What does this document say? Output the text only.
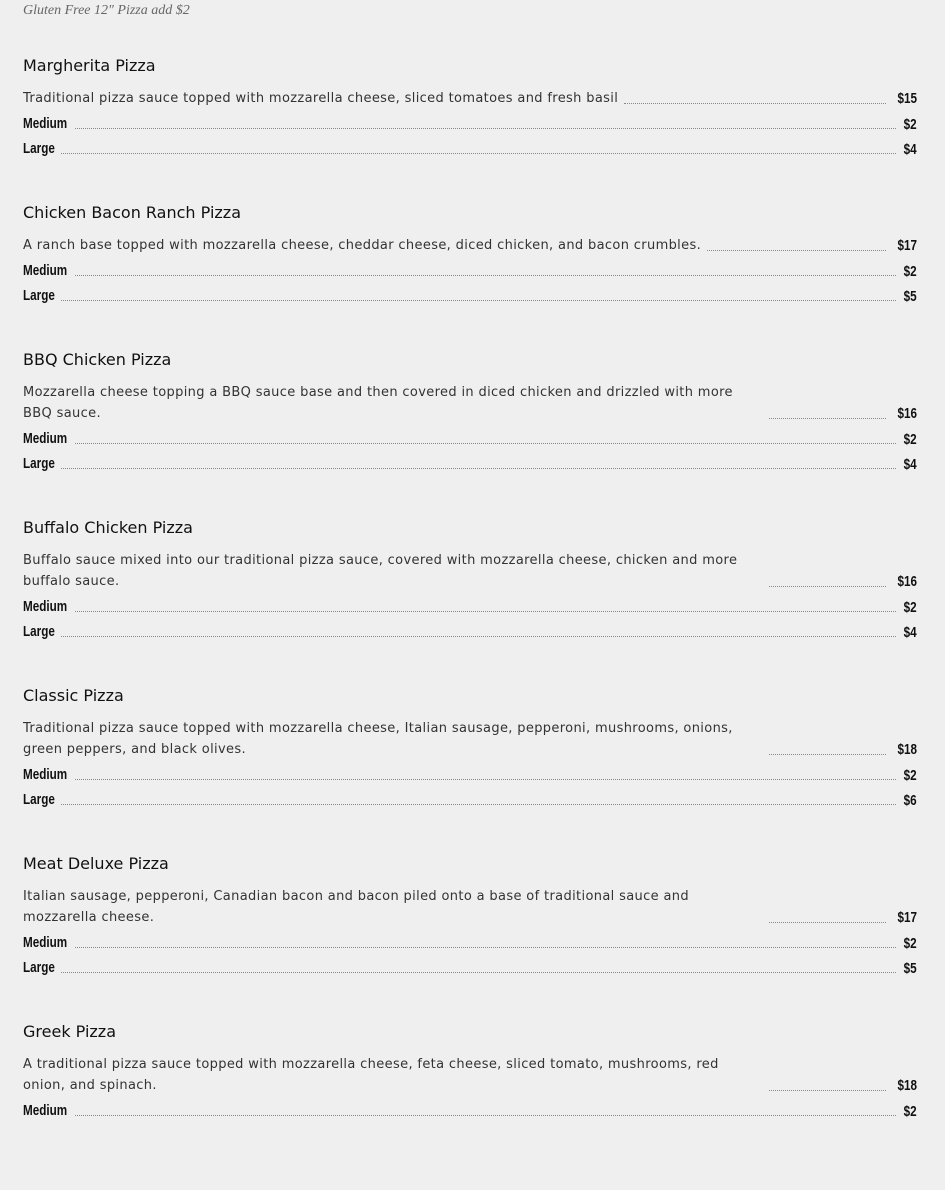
Gluten Free 12" Pizza add $2
Margherita Pizza
Traditional pizza sauce topped with mozzarella cheese, sliced tomatoes and fresh basil	$15
Medium	$2
Large	$4
Chicken Bacon Ranch Pizza
A ranch base topped with mozzarella cheese, cheddar cheese, diced chicken, and bacon crumbles.	$17
Medium	$2
Large	$5
BBQ Chicken Pizza
Mozzarella cheese topping a BBQ sauce base and then covered in diced chicken and drizzled with more BBQ sauce.	$16
Medium	$2
Large	$4
Buffalo Chicken Pizza
Buffalo sauce mixed into our traditional pizza sauce, covered with mozzarella cheese, chicken and more buffalo sauce.	$16
Medium	$2
Large	$4
Classic Pizza
Traditional pizza sauce topped with mozzarella cheese, Italian sausage, pepperoni, mushrooms, onions, green peppers, and black olives.	$18
Medium	$2
Large	$6
Meat Deluxe Pizza
Italian sausage, pepperoni, Canadian bacon and bacon piled onto a base of traditional sauce and mozzarella cheese.	$17
Medium	$2
Large	$5
Greek Pizza
A traditional pizza sauce topped with mozzarella cheese, feta cheese, sliced tomato, mushrooms, red onion, and spinach.	$18
Medium	$2
